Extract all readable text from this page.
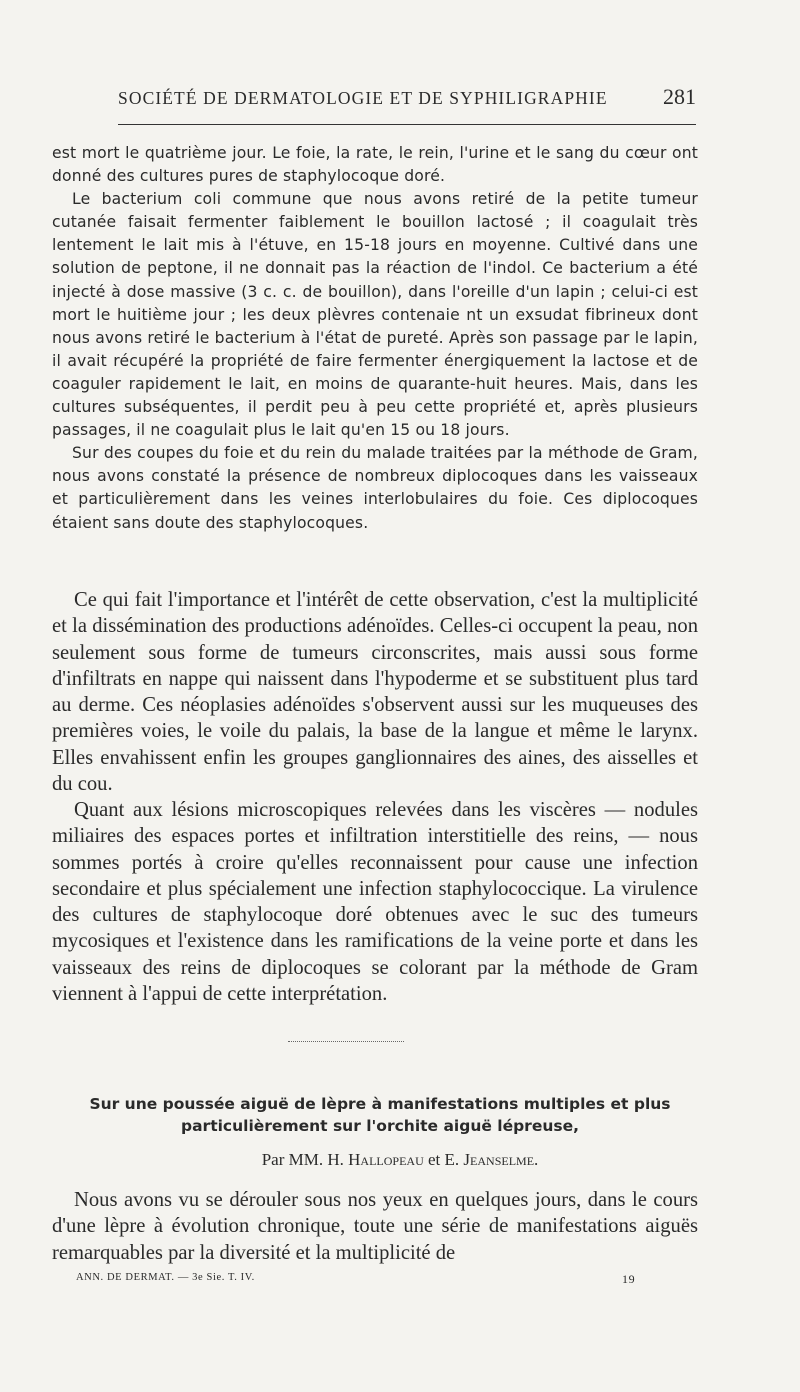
SOCIÉTÉ DE DERMATOLOGIE ET DE SYPHILIGRAPHIE	281

est mort le quatrième jour. Le foie, la rate, le rein, l'urine et le sang du cœur ont donné des cultures pures de staphylocoque doré.

Le bacterium coli commune que nous avons retiré de la petite tumeur cutanée faisait fermenter faiblement le bouillon lactosé ; il coagulait très lentement le lait mis à l'étuve, en 15-18 jours en moyenne. Cultivé dans une solution de peptone, il ne donnait pas la réaction de l'indol. Ce bacterium a été injecté à dose massive (3 c. c. de bouillon), dans l'oreille d'un lapin ; celui-ci est mort le huitième jour ; les deux plèvres contenaie nt un exsudat fibrineux dont nous avons retiré le bacterium à l'état de pureté. Après son passage par le lapin, il avait récupéré la propriété de faire fermenter énergiquement la lactose et de coaguler rapidement le lait, en moins de quarante-huit heures. Mais, dans les cultures subséquentes, il perdit peu à peu cette propriété et, après plusieurs passages, il ne coagulait plus le lait qu'en 15 ou 18 jours.

Sur des coupes du foie et du rein du malade traitées par la méthode de Gram, nous avons constaté la présence de nombreux diplocoques dans les vaisseaux et particulièrement dans les veines interlobulaires du foie. Ces diplocoques étaient sans doute des staphylocoques.

Ce qui fait l'importance et l'intérêt de cette observation, c'est la multiplicité et la dissémination des productions adénoïdes. Celles-ci occupent la peau, non seulement sous forme de tumeurs circonscrites, mais aussi sous forme d'infiltrats en nappe qui naissent dans l'hypoderme et se substituent plus tard au derme. Ces néoplasies adénoïdes s'observent aussi sur les muqueuses des premières voies, le voile du palais, la base de la langue et même le larynx. Elles envahissent enfin les groupes ganglionnaires des aines, des aisselles et du cou.

Quant aux lésions microscopiques relevées dans les viscères — nodules miliaires des espaces portes et infiltration interstitielle des reins, — nous sommes portés à croire qu'elles reconnaissent pour cause une infection secondaire et plus spécialement une infection staphylococcique. La virulence des cultures de staphylocoque doré obtenues avec le suc des tumeurs mycosiques et l'existence dans les ramifications de la veine porte et dans les vaisseaux des reins de diplocoques se colorant par la méthode de Gram viennent à l'appui de cette interprétation.

Sur une poussée aiguë de lèpre à manifestations multiples et plus
particulièrement sur l'orchite aiguë lépreuse,
Par MM. H. Hallopeau et E. Jeanselme.

Nous avons vu se dérouler sous nos yeux en quelques jours, dans le cours d'une lèpre à évolution chronique, toute une série de manifestations aiguës remarquables par la diversité et la multiplicité de

ANN. DE DERMAT. — 3e Sie. T. IV.	19
